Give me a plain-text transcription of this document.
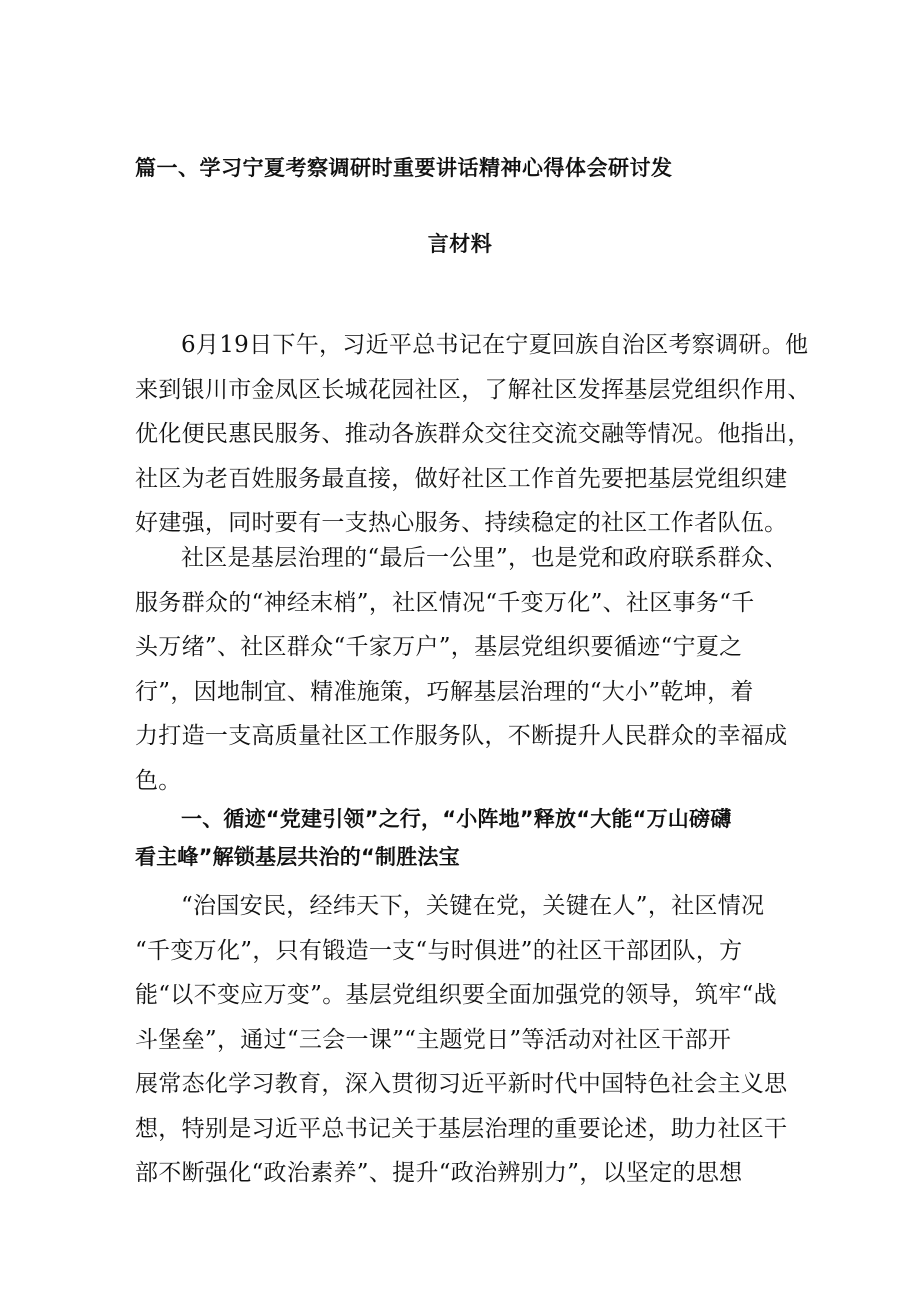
篇一、学习宁夏考察调研时重要讲话精神心得体会研讨发
言材料
6月19日下午，习近平总书记在宁夏回族自治区考察调研。他
来到银川市金凤区长城花园社区，了解社区发挥基层党组织作用、
优化便民惠民服务、推动各族群众交往交流交融等情况。他指出，
社区为老百姓服务最直接，做好社区工作首先要把基层党组织建
好建强，同时要有一支热心服务、持续稳定的社区工作者队伍。
社区是基层治理的“最后一公里”，也是党和政府联系群众、
服务群众的“神经末梢”，社区情况“千变万化”、社区事务“千
头万绪”、社区群众“千家万户”，基层党组织要循迹“宁夏之
行”，因地制宜、精准施策，巧解基层治理的“大小”乾坤，着
力打造一支高质量社区工作服务队，不断提升人民群众的幸福成
色。
一、循迹“党建引领”之行，“小阵地”释放“大能“万山磅礴
看主峰”解锁基层共治的“制胜法宝
“治国安民，经纬天下，关键在党，关键在人”，社区情况
“千变万化”，只有锻造一支“与时俱进”的社区干部团队，方
能“以不变应万变”。基层党组织要全面加强党的领导，筑牢“战
斗堡垒”，通过“三会一课”“主题党日”等活动对社区干部开
展常态化学习教育，深入贯彻习近平新时代中国特色社会主义思
想，特别是习近平总书记关于基层治理的重要论述，助力社区干
部不断强化“政治素养”、提升“政治辨别力”，以坚定的思想
